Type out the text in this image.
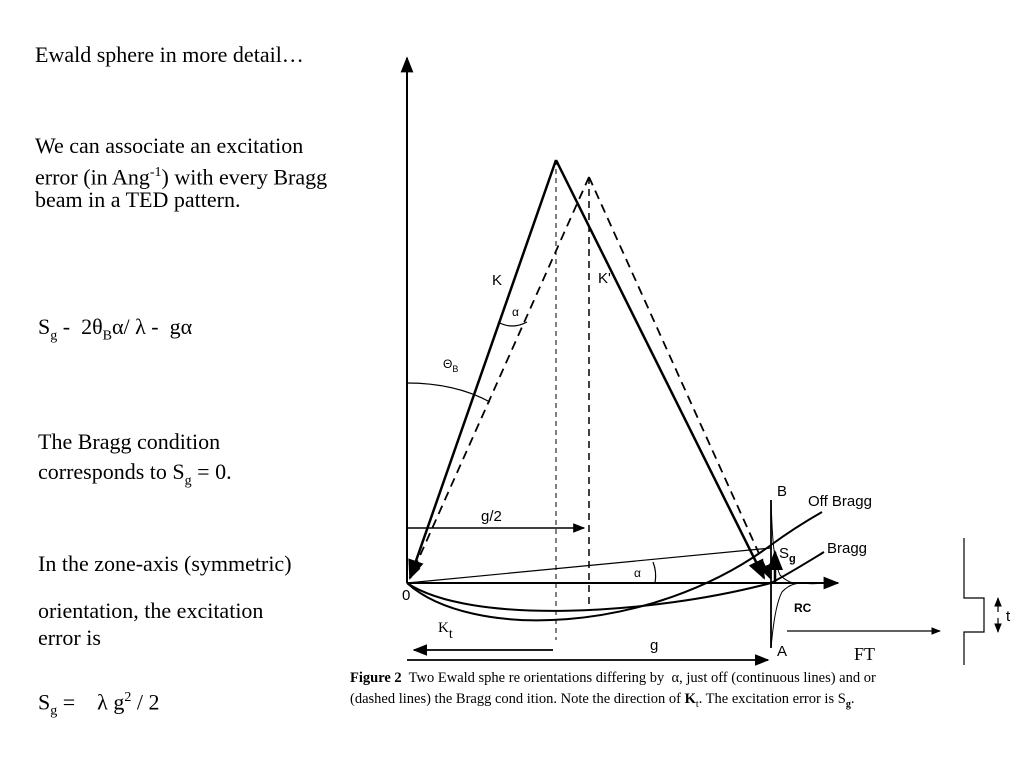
Ewald sphere in more detail…

We can associate an excitation

error (in Ang$^{-1}$) with every Bragg

beam in a TED pattern.

$S_g - 2\theta_B\alpha/$ λ -  gα

The Bragg condition

corresponds to $S_g = 0$.

In the zone-axis (symmetric)

orientation, the excitation

error is

$S_g$ =    λ $g^2 / 2$

K	K'
α
$\Theta_B$
g/2
α
0
B
Off Bragg
Bragg
$S_g$
RC
Kt
g	A	FT
t

Figure 2  Two Ewald sphe re orientations differing by  α, just off (continuous lines) and or
(dashed lines) the Bragg cond ition. Note the direction of $K_t$. The excitation error is $S_g$.
